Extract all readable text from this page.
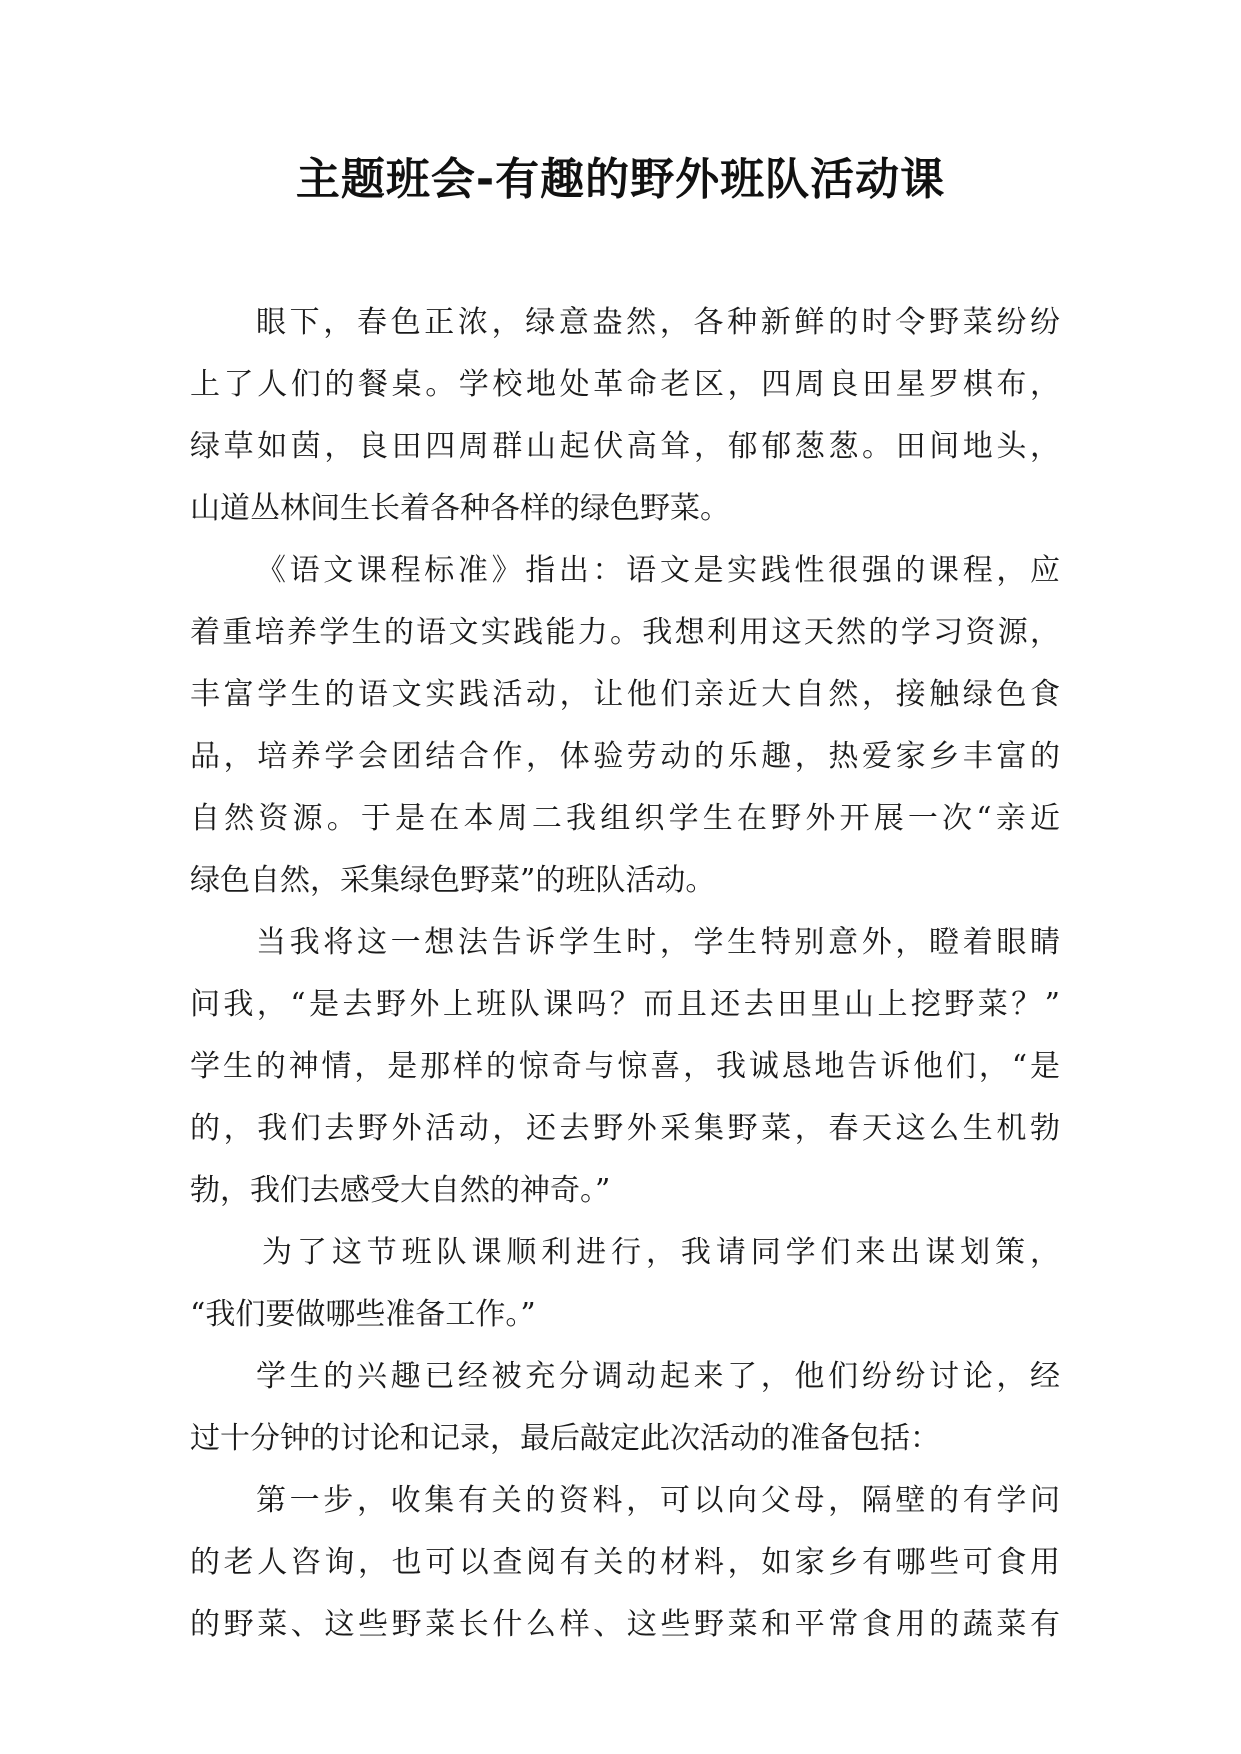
主题班会-有趣的野外班队活动课
眼下，春色正浓，绿意盎然，各种新鲜的时令野菜纷纷
上了人们的餐桌。学校地处革命老区，四周良田星罗棋布，
绿草如茵，良田四周群山起伏高耸，郁郁葱葱。田间地头，
山道丛林间生长着各种各样的绿色野菜。
《语文课程标准》指出：语文是实践性很强的课程，应
着重培养学生的语文实践能力。我想利用这天然的学习资源，
丰富学生的语文实践活动，让他们亲近大自然，接触绿色食
品，培养学会团结合作，体验劳动的乐趣，热爱家乡丰富的
自然资源。于是在本周二我组织学生在野外开展一次“亲近
绿色自然，采集绿色野菜”的班队活动。
当我将这一想法告诉学生时，学生特别意外，瞪着眼睛
问我，“是去野外上班队课吗？而且还去田里山上挖野菜？”
学生的神情，是那样的惊奇与惊喜，我诚恳地告诉他们，“是
的，我们去野外活动，还去野外采集野菜，春天这么生机勃
勃，我们去感受大自然的神奇。”
为了这节班队课顺利进行，我请同学们来出谋划策，
“我们要做哪些准备工作。”
学生的兴趣已经被充分调动起来了，他们纷纷讨论，经
过十分钟的讨论和记录，最后敲定此次活动的准备包括：
第一步，收集有关的资料，可以向父母，隔壁的有学问
的老人咨询，也可以查阅有关的材料，如家乡有哪些可食用
的野菜、这些野菜长什么样、这些野菜和平常食用的蔬菜有
